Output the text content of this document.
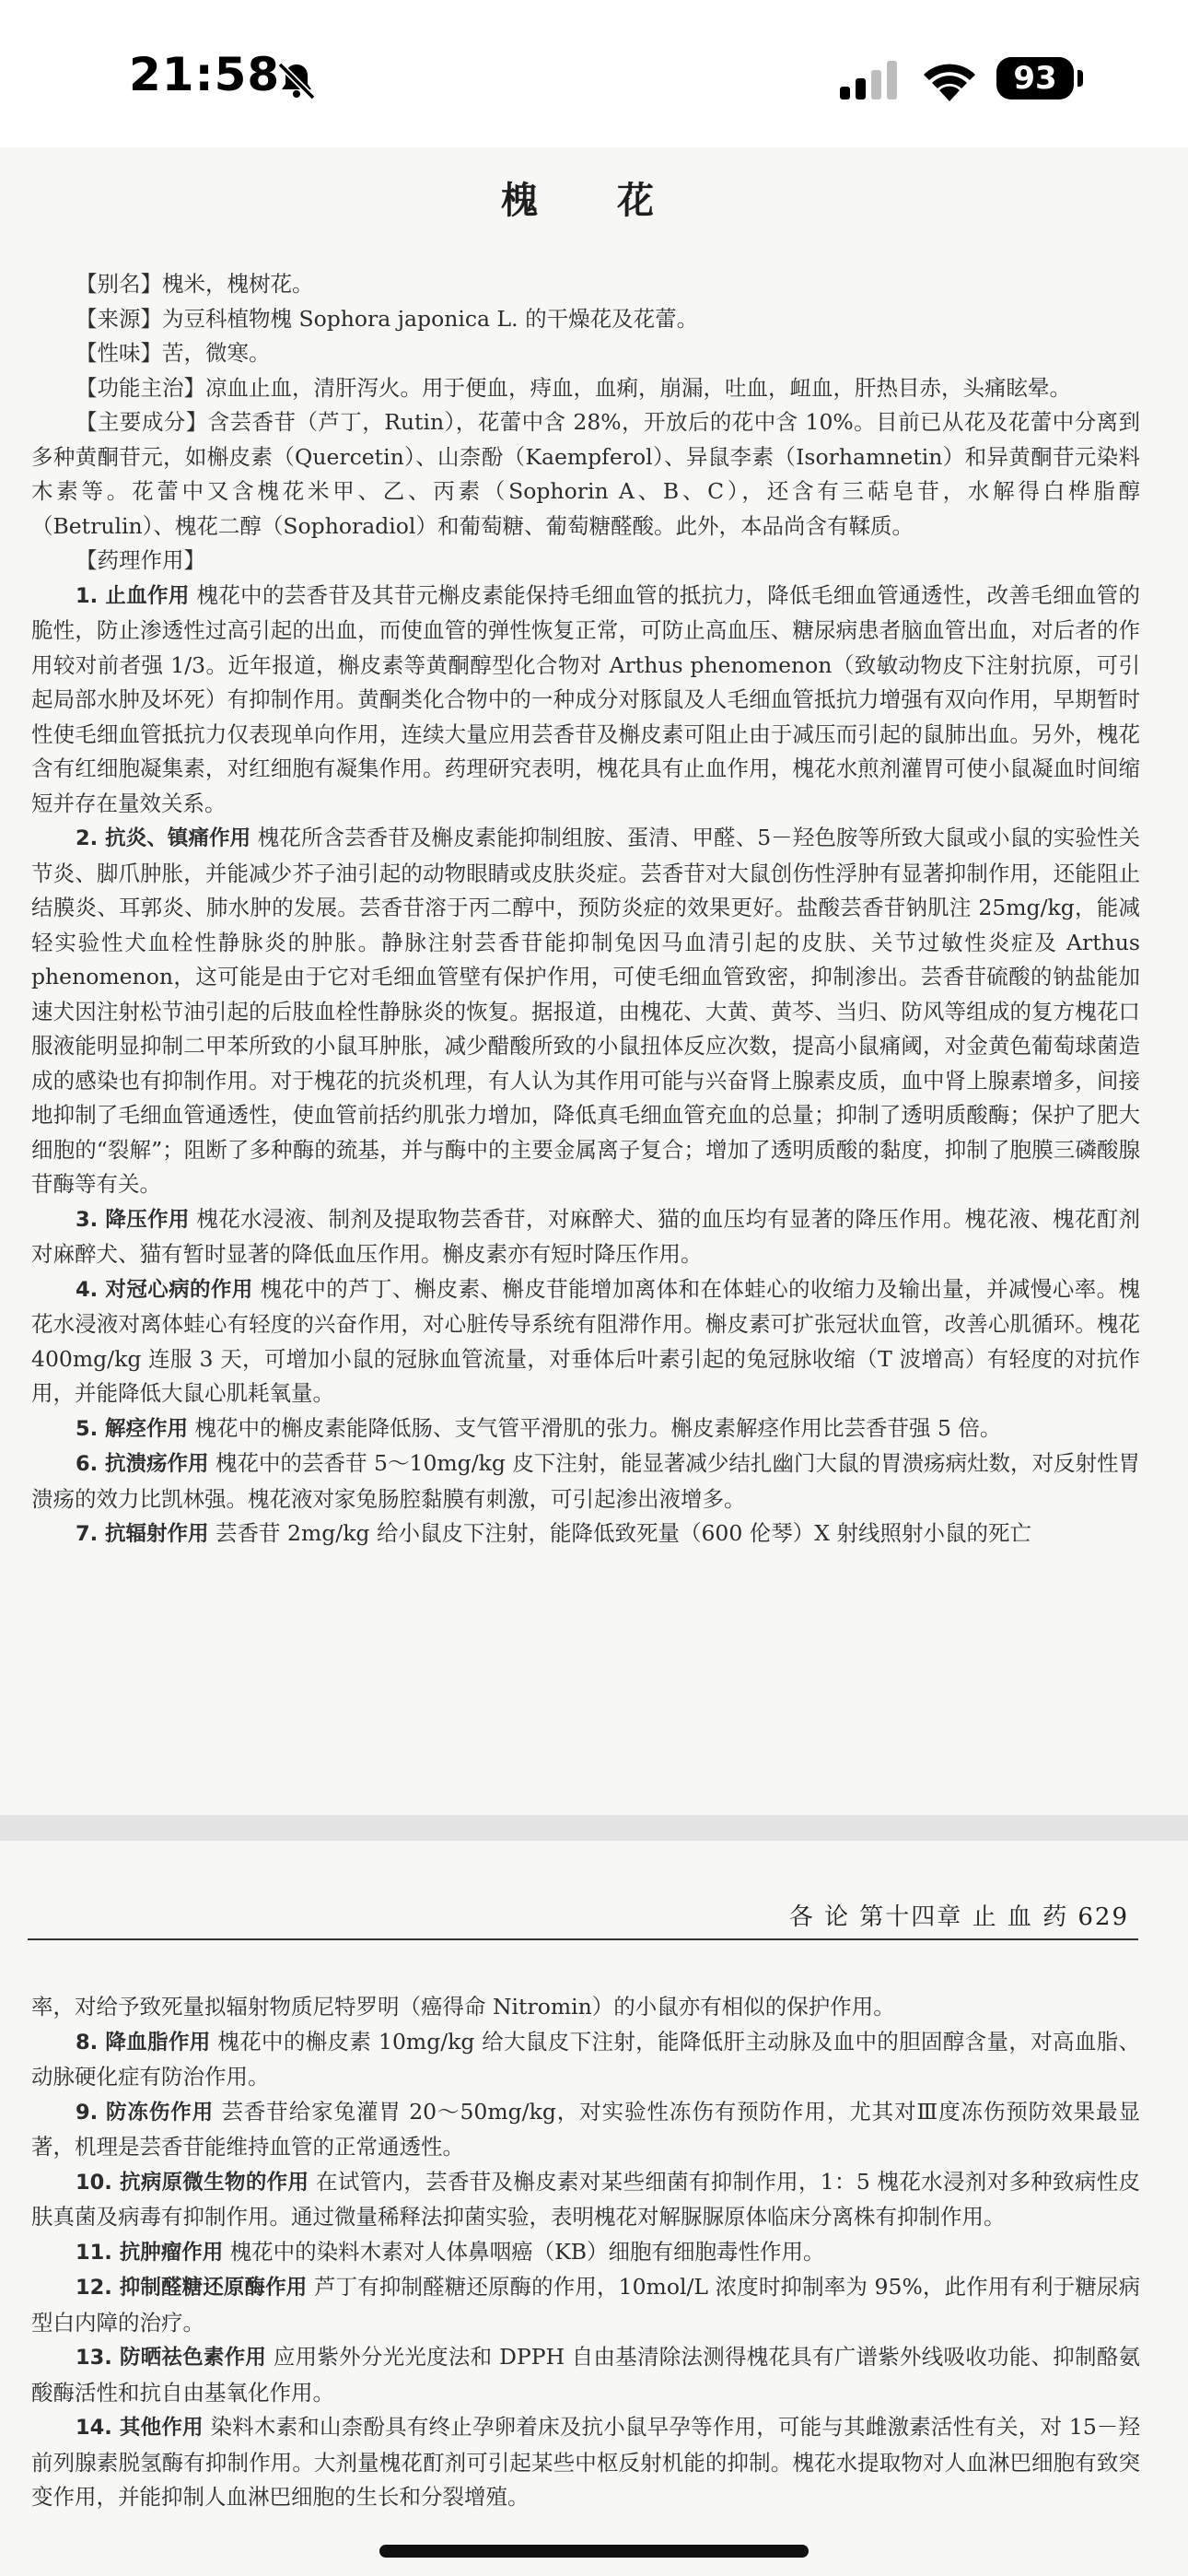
21:58	93
槐 花

【别名】槐米，槐树花。

【来源】为豆科植物槐 Sophora japonica L. 的干燥花及花蕾。

【性味】苦，微寒。

【功能主治】凉血止血，清肝泻火。用于便血，痔血，血痢，崩漏，吐血，衄血，肝热目赤，头痛眩晕。

【主要成分】含芸香苷（芦丁，Rutin），花蕾中含 28%，开放后的花中含 10%。目前已从花及花蕾中分离到多种黄酮苷元，如槲皮素（Quercetin）、山柰酚（Kaempferol）、异鼠李素（Isorhamnetin）和异黄酮苷元染料木素等。花蕾中又含槐花米甲、乙、丙素（Sophorin A、B、C），还含有三萜皂苷，水解得白桦脂醇（Betrulin）、槐花二醇（Sophoradiol）和葡萄糖、葡萄糖醛酸。此外，本品尚含有鞣质。

【药理作用】

1. 止血作用 槐花中的芸香苷及其苷元槲皮素能保持毛细血管的抵抗力，降低毛细血管通透性，改善毛细血管的脆性，防止渗透性过高引起的出血，而使血管的弹性恢复正常，可防止高血压、糖尿病患者脑血管出血，对后者的作用较对前者强 1/3。近年报道，槲皮素等黄酮醇型化合物对 Arthus phenomenon（致敏动物皮下注射抗原，可引起局部水肿及坏死）有抑制作用。黄酮类化合物中的一种成分对豚鼠及人毛细血管抵抗力增强有双向作用，早期暂时性使毛细血管抵抗力仅表现单向作用，连续大量应用芸香苷及槲皮素可阻止由于减压而引起的鼠肺出血。另外，槐花含有红细胞凝集素，对红细胞有凝集作用。药理研究表明，槐花具有止血作用，槐花水煎剂灌胃可使小鼠凝血时间缩短并存在量效关系。

2. 抗炎、镇痛作用 槐花所含芸香苷及槲皮素能抑制组胺、蛋清、甲醛、5－羟色胺等所致大鼠或小鼠的实验性关节炎、脚爪肿胀，并能减少芥子油引起的动物眼睛或皮肤炎症。芸香苷对大鼠创伤性浮肿有显著抑制作用，还能阻止结膜炎、耳郭炎、肺水肿的发展。芸香苷溶于丙二醇中，预防炎症的效果更好。盐酸芸香苷钠肌注 25mg/kg，能减轻实验性犬血栓性静脉炎的肿胀。静脉注射芸香苷能抑制兔因马血清引起的皮肤、关节过敏性炎症及 Arthus phenomenon，这可能是由于它对毛细血管壁有保护作用，可使毛细血管致密，抑制渗出。芸香苷硫酸的钠盐能加速犬因注射松节油引起的后肢血栓性静脉炎的恢复。据报道，由槐花、大黄、黄芩、当归、防风等组成的复方槐花口服液能明显抑制二甲苯所致的小鼠耳肿胀，减少醋酸所致的小鼠扭体反应次数，提高小鼠痛阈，对金黄色葡萄球菌造成的感染也有抑制作用。对于槐花的抗炎机理，有人认为其作用可能与兴奋肾上腺素皮质，血中肾上腺素增多，间接地抑制了毛细血管通透性，使血管前括约肌张力增加，降低真毛细血管充血的总量；抑制了透明质酸酶；保护了肥大细胞的“裂解”；阻断了多种酶的巯基，并与酶中的主要金属离子复合；增加了透明质酸的黏度，抑制了胞膜三磷酸腺苷酶等有关。

3. 降压作用 槐花水浸液、制剂及提取物芸香苷，对麻醉犬、猫的血压均有显著的降压作用。槐花液、槐花酊剂对麻醉犬、猫有暂时显著的降低血压作用。槲皮素亦有短时降压作用。

4. 对冠心病的作用 槐花中的芦丁、槲皮素、槲皮苷能增加离体和在体蛙心的收缩力及输出量，并减慢心率。槐花水浸液对离体蛙心有轻度的兴奋作用，对心脏传导系统有阻滞作用。槲皮素可扩张冠状血管，改善心肌循环。槐花 400mg/kg 连服 3 天，可增加小鼠的冠脉血管流量，对垂体后叶素引起的兔冠脉收缩（T 波增高）有轻度的对抗作用，并能降低大鼠心肌耗氧量。

5. 解痉作用 槐花中的槲皮素能降低肠、支气管平滑肌的张力。槲皮素解痉作用比芸香苷强 5 倍。

6. 抗溃疡作用 槐花中的芸香苷 5～10mg/kg 皮下注射，能显著减少结扎幽门大鼠的胃溃疡病灶数，对反射性胃溃疡的效力比凯林强。槐花液对家兔肠腔黏膜有刺激，可引起渗出液增多。

7. 抗辐射作用 芸香苷 2mg/kg 给小鼠皮下注射，能降低致死量（600 伦琴）X 射线照射小鼠的死亡

各 论 第十四章 止 血 药 629

率，对给予致死量拟辐射物质尼特罗明（癌得命 Nitromin）的小鼠亦有相似的保护作用。

8. 降血脂作用 槐花中的槲皮素 10mg/kg 给大鼠皮下注射，能降低肝主动脉及血中的胆固醇含量，对高血脂、动脉硬化症有防治作用。

9. 防冻伤作用 芸香苷给家兔灌胃 20～50mg/kg，对实验性冻伤有预防作用，尤其对Ⅲ度冻伤预防效果最显著，机理是芸香苷能维持血管的正常通透性。

10. 抗病原微生物的作用 在试管内，芸香苷及槲皮素对某些细菌有抑制作用，1：5 槐花水浸剂对多种致病性皮肤真菌及病毒有抑制作用。通过微量稀释法抑菌实验，表明槐花对解脲脲原体临床分离株有抑制作用。

11. 抗肿瘤作用 槐花中的染料木素对人体鼻咽癌（KB）细胞有细胞毒性作用。

12. 抑制醛糖还原酶作用 芦丁有抑制醛糖还原酶的作用，10mol/L 浓度时抑制率为 95%，此作用有利于糖尿病型白内障的治疗。

13. 防晒祛色素作用 应用紫外分光光度法和 DPPH 自由基清除法测得槐花具有广谱紫外线吸收功能、抑制酪氨酸酶活性和抗自由基氧化作用。

14. 其他作用 染料木素和山柰酚具有终止孕卵着床及抗小鼠早孕等作用，可能与其雌激素活性有关，对 15－羟前列腺素脱氢酶有抑制作用。大剂量槐花酊剂可引起某些中枢反射机能的抑制。槐花水提取物对人血淋巴细胞有致突变作用，并能抑制人血淋巴细胞的生长和分裂增殖。
